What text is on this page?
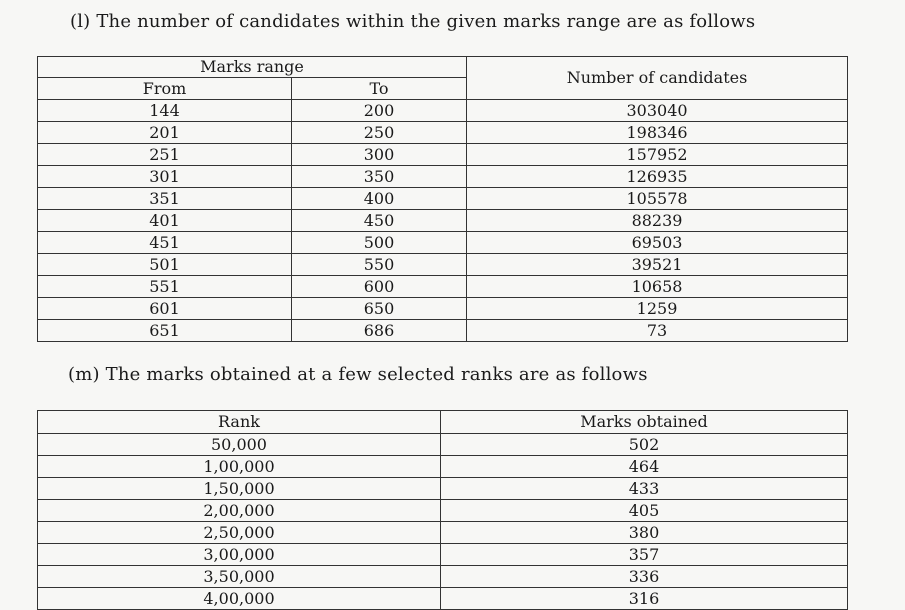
(l) The number of candidates within the given marks range are as follows
Marks range		Number of candidates
From	To	
144	200	303040
201	250	198346
251	300	157952
301	350	126935
351	400	105578
401	450	88239
451	500	69503
501	550	39521
551	600	10658
601	650	1259
651	686	73
(m) The marks obtained at a few selected ranks are as follows
Rank	Marks obtained
50,000	502
1,00,000	464
1,50,000	433
2,00,000	405
2,50,000	380
3,00,000	357
3,50,000	336
4,00,000	316
